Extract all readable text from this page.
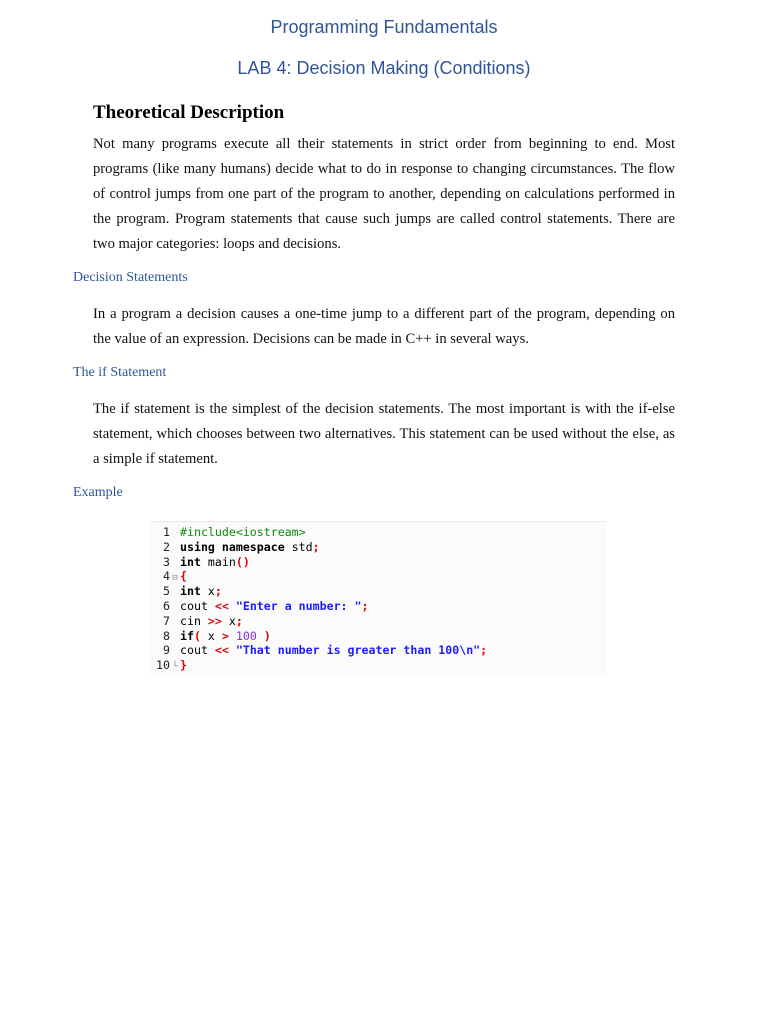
Programming Fundamentals
LAB 4: Decision Making (Conditions)
Theoretical Description
Not many programs execute all their statements in strict order from beginning to end. Most programs (like many humans) decide what to do in response to changing circumstances. The flow of control jumps from one part of the program to another, depending on calculations performed in the program. Program statements that cause such jumps are called control statements. There are two major categories: loops and decisions.
Decision Statements
In a program a decision causes a one-time jump to a different part of the program, depending on the value of an expression. Decisions can be made in C++ in several ways.
The if Statement
The if statement is the simplest of the decision statements. The most important is with the if-else statement, which chooses between two alternatives. This statement can be used without the else, as a simple if statement.
Example
1 #include<iostream>
2 using namespace std;
3 int main()
4 ⊟ {
5 int x;
6 cout << "Enter a number: ";
7 cin >> x;
8 if( x > 100 )
9 cout << "That number is greater than 100\n";
10 └ }
